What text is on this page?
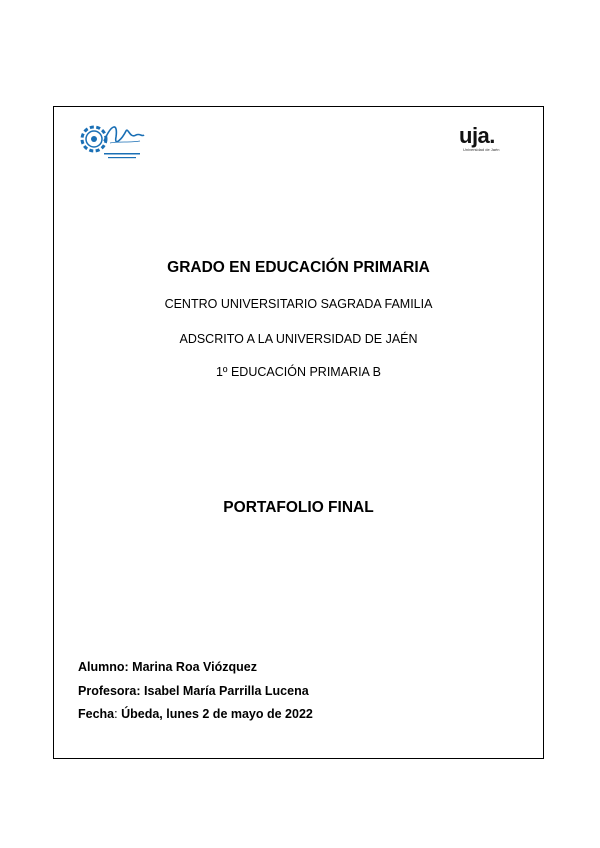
uja.
Universidad de Jaén
GRADO EN EDUCACIÓN PRIMARIA
CENTRO UNIVERSITARIO SAGRADA FAMILIA
ADSCRITO A LA UNIVERSIDAD DE JAÉN
1º EDUCACIÓN PRIMARIA B
PORTAFOLIO FINAL
Alumno: Marina Roa Viózquez
Profesora: Isabel María Parrilla Lucena
Fecha: Úbeda, lunes 2 de mayo de 2022
